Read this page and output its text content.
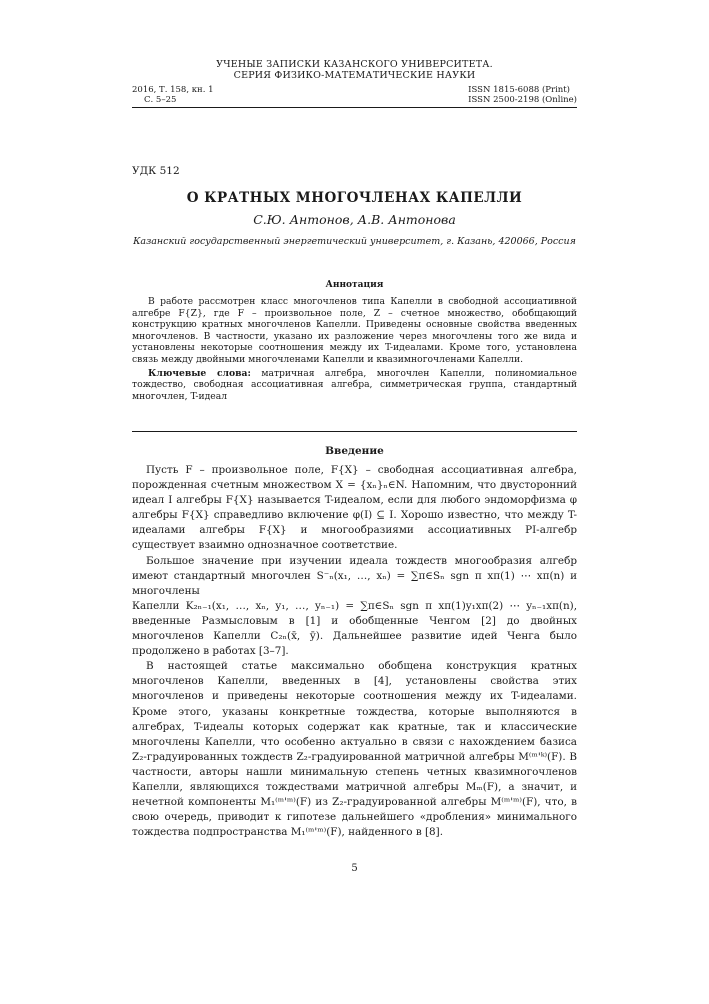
УЧЕНЫЕ ЗАПИСКИ КАЗАНСКОГО УНИВЕРСИТЕТА.
СЕРИЯ ФИЗИКО-МАТЕМАТИЧЕСКИЕ НАУКИ
2016, Т. 158, кн. 1
С. 5–25
ISSN 1815-6088 (Print)
ISSN 2500-2198 (Online)
УДК 512
О КРАТНЫХ МНОГОЧЛЕНАХ КАПЕЛЛИ
С.Ю. Антонов, А.В. Антонова
Казанский государственный энергетический университет, г. Казань, 420066, Россия
Аннотация

В работе рассмотрен класс многочленов типа Капелли в свободной ассоциативной алгебре F{Z}, где F – произвольное поле, Z – счетное множество, обобщающий конструкцию кратных многочленов Капелли. Приведены основные свойства введенных многочленов. В частности, указано их разложение через многочлены того же вида и установлены некоторые соотношения между их T-идеалами. Кроме того, установлена связь между двойными многочленами Капелли и квазимногочленами Капелли.

Ключевые слова: матричная алгебра, многочлен Капелли, полиномиальное тождество, свободная ассоциативная алгебра, симметрическая группа, стандартный многочлен, T-идеал

Введение

Пусть F – произвольное поле, F{X} – свободная ассоциативная алгебра, порожденная счетным множеством X = {xₙ}ₙ∈N. Напомним, что двусторонний идеал I алгебры F{X} называется T-идеалом, если для любого эндоморфизма φ алгебры F{X} справедливо включение φ(I) ⊆ I. Хорошо известно, что между T-идеалами алгебры F{X} и многообразиями ассоциативных PI-алгебр существует взаимно однозначное соответствие.

Большое значение при изучении идеала тождеств многообразия алгебр имеют стандартный многочлен S⁻ₙ(x₁, …, xₙ) = ∑π∈Sₙ sgn π xπ(1) ⋯ xπ(n) и многочлены

Капелли K₂ₙ₋₁(x₁, …, xₙ, y₁, …, yₙ₋₁) = ∑π∈Sₙ sgn π xπ(1)y₁xπ(2) ⋯ yₙ₋₁xπ(n), введенные Размысловым в [1] и обобщенные Ченгом [2] до двойных многочленов Капелли C₂ₙ(x̄, ȳ). Дальнейшее развитие идей Ченга было продолжено в работах [3–7].

В настоящей статье максимально обобщена конструкция кратных многочленов Капелли, введенных в [4], установлены свойства этих многочленов и приведены некоторые соотношения между их T-идеалами. Кроме этого, указаны конкретные тождества, которые выполняются в алгебрах, T-идеалы которых содержат как кратные, так и классические многочлены Капелли, что особенно актуально в связи с нахождением базиса Z₂-градуированных тождеств Z₂-градуированной матричной алгебры M⁽ᵐ'ᵏ⁾(F). В частности, авторы нашли минимальную степень четных квазимногочленов Капелли, являющихся тождествами матричной алгебры Mₘ(F), а значит, и нечетной компоненты M₁⁽ᵐ'ᵐ⁾(F) из Z₂-градуированной алгебры M⁽ᵐ'ᵐ⁾(F), что, в свою очередь, приводит к гипотезе дальнейшего «дробления» минимального тождества подпространства M₁⁽ᵐ'ᵐ⁾(F), найденного в [8].

5
